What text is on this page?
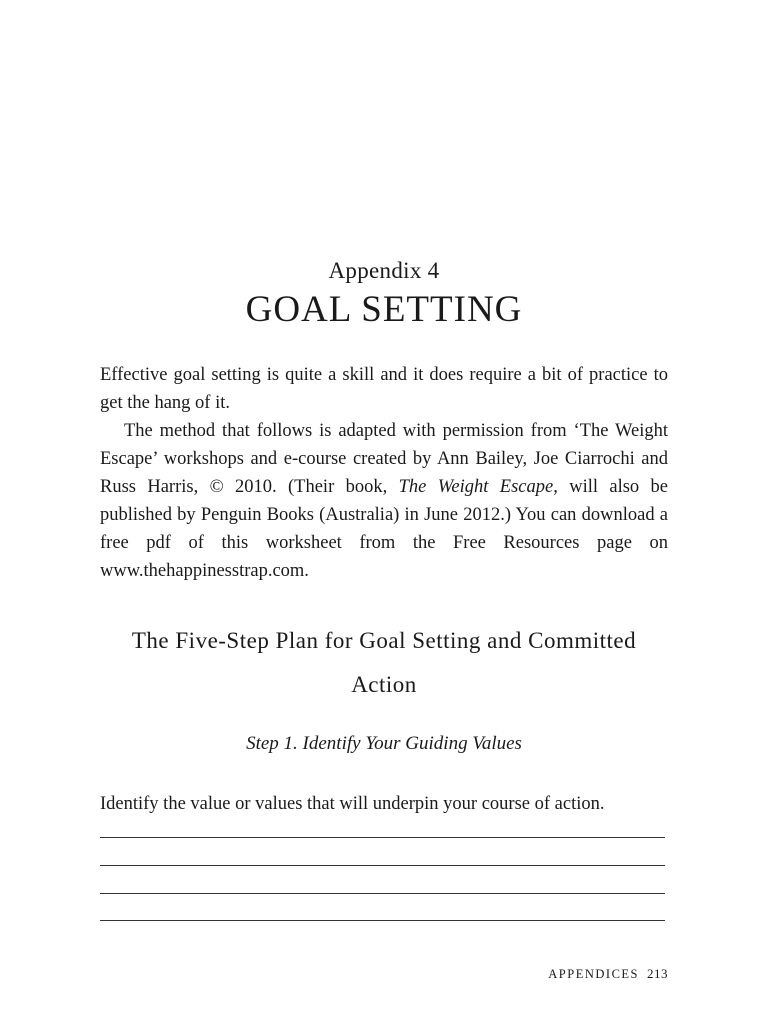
Appendix 4
GOAL SETTING

Effective goal setting is quite a skill and it does require a bit of practice to get the hang of it.

The method that follows is adapted with permission from ‘The Weight Escape’ workshops and e-course created by Ann Bailey, Joe Ciarrochi and Russ Harris, © 2010. (Their book, The Weight Escape, will also be published by Penguin Books (Australia) in June 2012.) You can download a free pdf of this worksheet from the Free Resources page on www.thehappinesstrap.com.

The Five-Step Plan for Goal Setting and Committed Action
Step 1. Identify Your Guiding Values

Identify the value or values that will underpin your course of action.

APPENDICES 213
